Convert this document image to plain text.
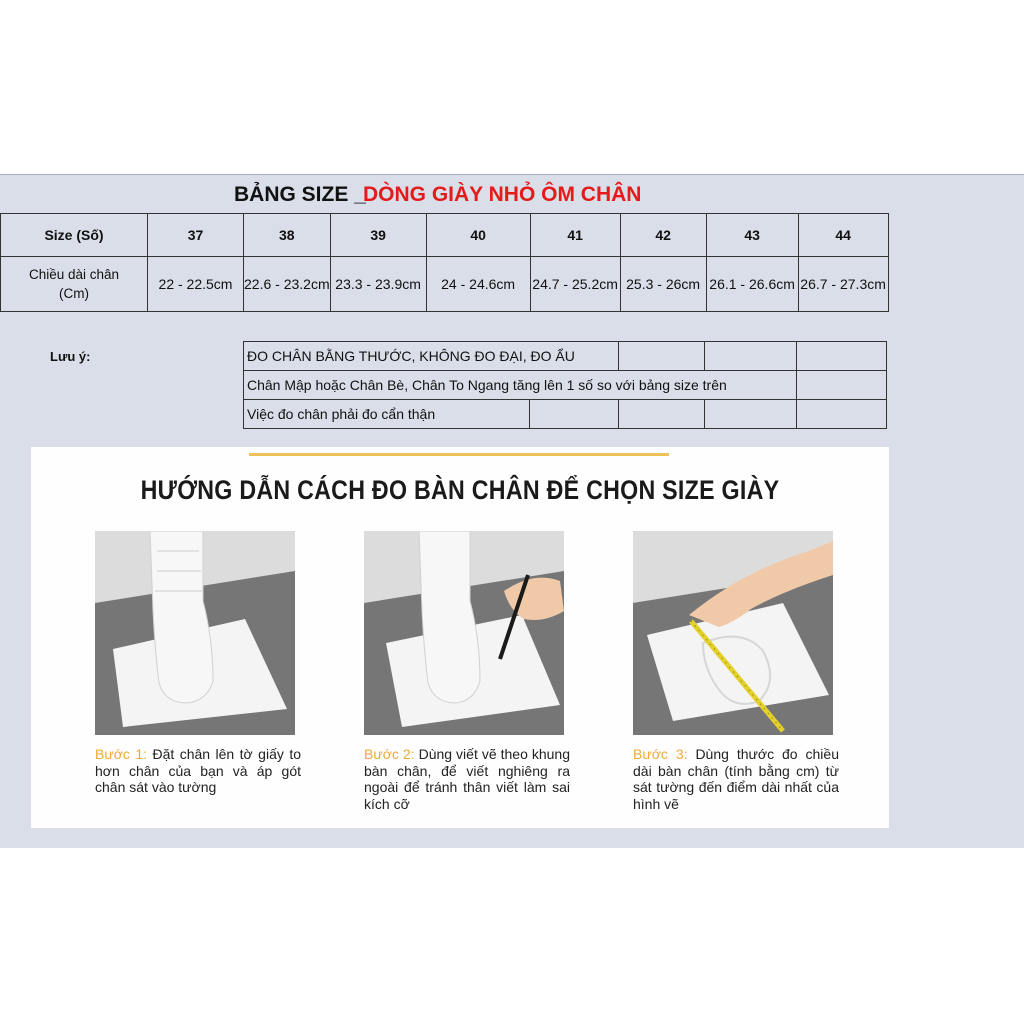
BẢNG SIZE _
DÒNG GIÀY NHỎ ÔM CHÂN
Size (Số)	37	38	39	40	41	42	43	44

Chiều dài chân
(Cm)	22 - 22.5cm	22.6 - 23.2cm	23.3 - 23.9cm	24 - 24.6cm	24.7 - 25.2cm	25.3 - 26cm	26.1 - 26.6cm	26.7 - 27.3cm
Lưu ý:	ĐO CHÂN BẰNG THƯỚC, KHÔNG ĐO ĐẠI, ĐO ẨU				
Chân Mập hoặc Chân Bè, Chân To Ngang tăng lên 1 số so với bảng size trên				
Việc đo chân phải đo cẩn thận				
HƯỚNG DẪN CÁCH ĐO BÀN CHÂN ĐỂ CHỌN SIZE GIÀY
Bước 1: Đặt chân lên tờ giấy to hơn chân của bạn và áp gót chân sát vào tường
Bước 2: Dùng viết vẽ theo khung bàn chân, để viết nghiêng ra ngoài để tránh thân viết làm sai kích cỡ
Bước 3: Dùng thước đo chiều dài bàn chân (tính bằng cm) từ sát tường đến điểm dài nhất của hình vẽ
